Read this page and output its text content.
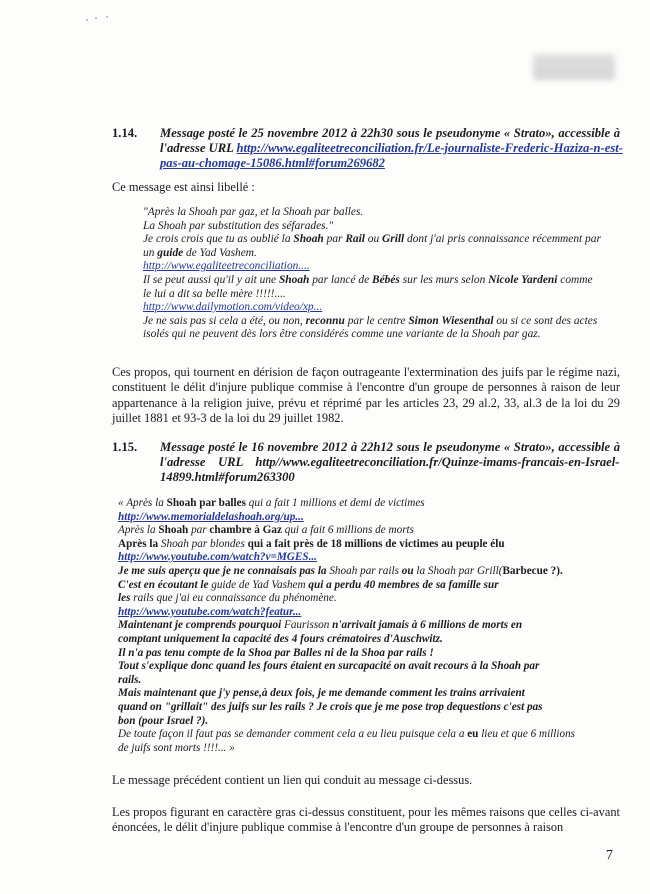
1.14. Message posté le 25 novembre 2012 à 22h30 sous le pseudonyme « Strato», accessible à
l'adresse URL http://www.egaliteetreconciliation.fr/Le-journaliste-Frederic-Haziza-n-est-
pas-au-chomage-15086.html#forum269682
Ce message est ainsi libellé :
"Après la Shoah par gaz, et la Shoah par balles.
La Shoah par substitution des séfarades."
Je crois crois que tu as oublié la Shoah par Rail ou Grill dont j'ai pris connaissance récemment par
un guide de Yad Vashem.
http://www.egaliteetreconciliation....
Il se peut aussi qu'il y ait une Shoah par lancé de Bébés sur les murs selon Nicole Yardeni comme
le lui a dit sa belle mère !!!!!....
http://www.dailymotion.com/video/xp...
Je ne sais pas si cela a été, ou non, reconnu par le centre Simon Wiesenthal ou si ce sont des actes
isolés qui ne peuvent dès lors être considérés comme une variante de la Shoah par gaz.
Ces propos, qui tournent en dérision de façon outrageante l'extermination des juifs par le régime nazi, constituent le délit d'injure publique commise à l'encontre d'un groupe de personnes à raison de leur appartenance à la religion juive, prévu et réprimé par les articles 23, 29 al.2, 33, al.3 de la loi du 29 juillet 1881 et 93-3 de la loi du 29 juillet 1982.
1.15. Message posté le 16 novembre 2012 à 22h12 sous le pseudonyme « Strato», accessible à
l'adresse    URL    http//www.egaliteetreconciliation.fr/Quinze-imams-francais-en-Israel-
14899.html#forum263300
« Après la Shoah par balles qui a fait 1 millions et demi de victimes
http://www.memorialdelashoah.org/up...
Après la Shoah par chambre à Gaz qui a fait 6 millions de morts
Après la Shoah par blondes qui a fait près de 18 millions de victimes au peuple élu
http://www.youtube.com/watch?v=MGES...
Je me suis aperçu que je ne connaisais pas la Shoah par rails ou la Shoah par Grill(Barbecue ?).
C'est en écoutant le guide de Yad Vashem qui a perdu 40 membres de sa famille sur
les rails que j'ai eu connaissance du phénomène.
http://www.youtube.com/watch?featur...
Maintenant je comprends pourquoi Faurisson n'arrivait jamais à 6 millions de morts en
comptant uniquement la capacité des 4 fours crématoires d'Auschwitz.
Il n'a pas tenu compte de la Shoa par Balles ni de la Shoa par rails !
Tout s'explique donc quand les fours étaient en surcapacité on avait recours à la Shoah par
rails.
Mais maintenant que j'y pense,à deux fois, je me demande comment les trains arrivaient
quand on "grillait" des juifs sur les rails ? Je crois que je me pose trop dequestions c'est pas
bon (pour Israel ?).
De toute façon il faut pas se demander comment cela a eu lieu puisque cela a eu lieu et que 6 millions
de juifs sont morts !!!!... »
Le message précédent contient un lien qui conduit au message ci-dessus.
Les propos figurant en caractère gras ci-dessus constituent, pour les mêmes raisons que celles ci-avant énoncées, le délit d'injure publique commise à l'encontre d'un groupe de personnes à raison
7
